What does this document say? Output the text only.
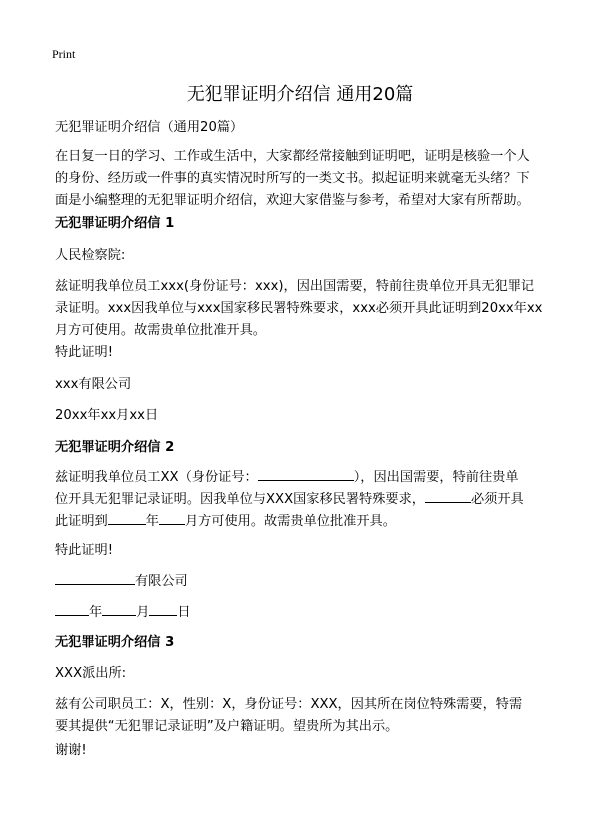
Print
无犯罪证明介绍信 通用20篇

无犯罪证明介绍信（通用20篇）

在日复一日的学习、工作或生活中，大家都经常接触到证明吧，证明是核验一个人
的身份、经历或一件事的真实情况时所写的一类文书。拟起证明来就毫无头绪？下
面是小编整理的无犯罪证明介绍信，欢迎大家借鉴与参考，希望对大家有所帮助。

无犯罪证明介绍信 1

人民检察院:

兹证明我单位员工xxx(身份证号：xxx)，因出国需要，特前往贵单位开具无犯罪记
录证明。xxx因我单位与xxx国家移民署特殊要求，xxx必须开具此证明到20xx年xx
月方可使用。故需贵单位批准开具。

特此证明!

xxx有限公司

20xx年xx月xx日

无犯罪证明介绍信 2

兹证明我单位员工XX（身份证号：	），因出国需要，特前往贵单

位开具无犯罪记录证明。因我单位与XXX国家移民署特殊要求，	必须开具

此证明到	年 月方可使用。故需贵单位批准开具。

特此证明!

有限公司

年	月 日

无犯罪证明介绍信 3

XXX派出所:

兹有公司职员工：X，性别：X，身份证号：XXX，因其所在岗位特殊需要，特需
要其提供“无犯罪记录证明”及户籍证明。望贵所为其出示。

谢谢!
